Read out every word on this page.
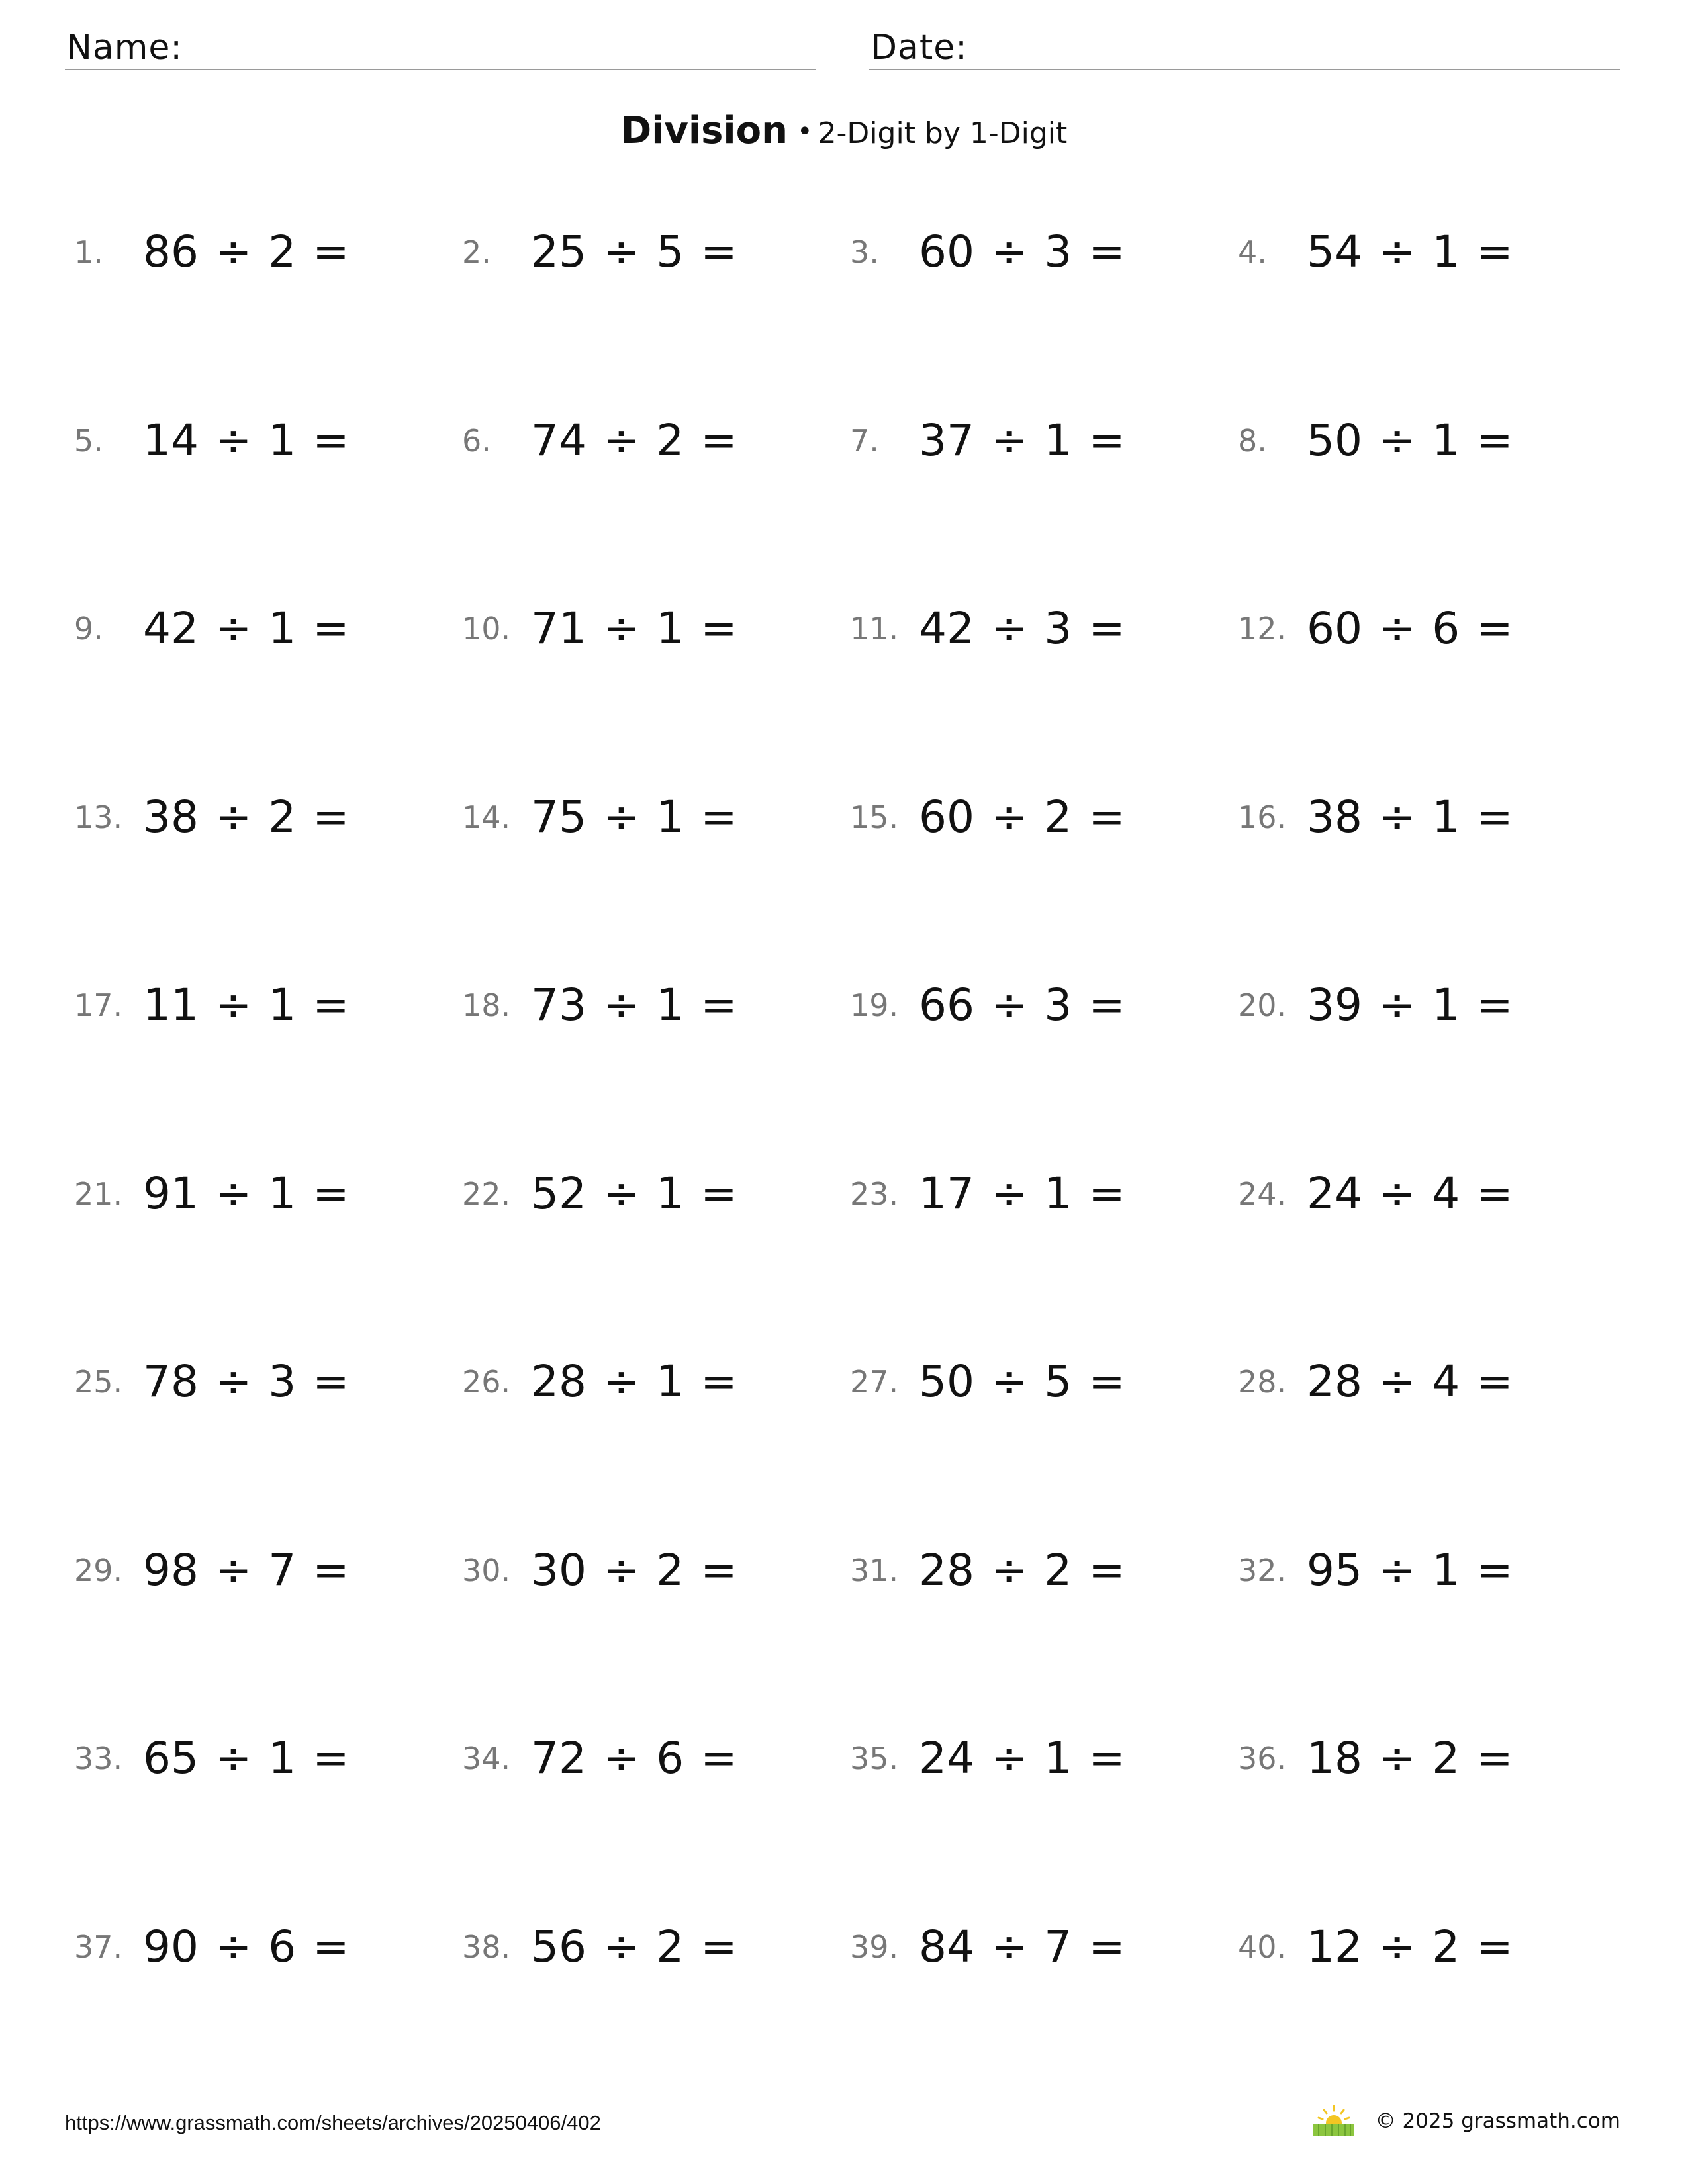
Name:	Date:
Division • 2-Digit by 1-Digit
1. 86 ÷ 2 =	2. 25 ÷ 5 =	3. 60 ÷ 3 =	4. 54 ÷ 1 =
5. 14 ÷ 1 =	6. 74 ÷ 2 =	7. 37 ÷ 1 =	8. 50 ÷ 1 =
9. 42 ÷ 1 =	10. 71 ÷ 1 =	11. 42 ÷ 3 =	12. 60 ÷ 6 =
13. 38 ÷ 2 =	14. 75 ÷ 1 =	15. 60 ÷ 2 =	16. 38 ÷ 1 =
17. 11 ÷ 1 =	18. 73 ÷ 1 =	19. 66 ÷ 3 =	20. 39 ÷ 1 =
21. 91 ÷ 1 =	22. 52 ÷ 1 =	23. 17 ÷ 1 =	24. 24 ÷ 4 =
25. 78 ÷ 3 =	26. 28 ÷ 1 =	27. 50 ÷ 5 =	28. 28 ÷ 4 =
29. 98 ÷ 7 =	30. 30 ÷ 2 =	31. 28 ÷ 2 =	32. 95 ÷ 1 =
33. 65 ÷ 1 =	34. 72 ÷ 6 =	35. 24 ÷ 1 =	36. 18 ÷ 2 =
37. 90 ÷ 6 =	38. 56 ÷ 2 =	39. 84 ÷ 7 =	40. 12 ÷ 2 =
https://www.grassmath.com/sheets/archives/20250406/402	© 2025 grassmath.com
